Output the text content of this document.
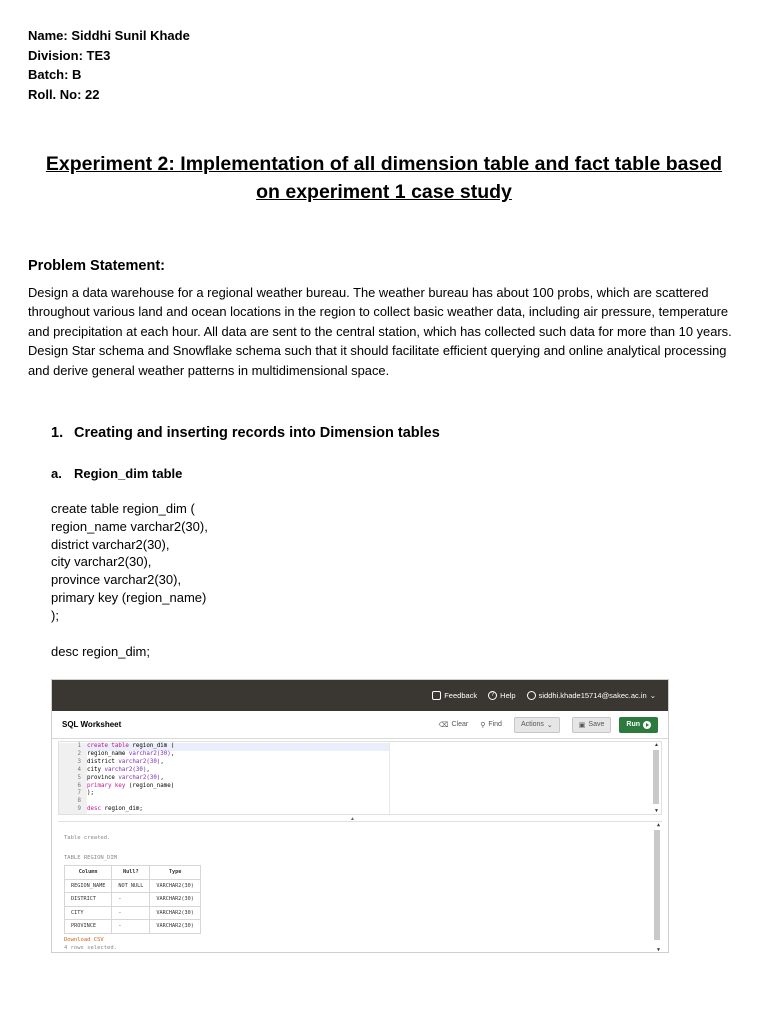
Name: Siddhi Sunil Khade
Division: TE3
Batch: B
Roll. No: 22
Experiment 2: Implementation of all dimension table and fact table based
on experiment 1 case study
Problem Statement:
Design a data warehouse for a regional weather bureau. The weather bureau has about 100 probs, which are scattered throughout various land and ocean locations in the region to collect basic weather data, including air pressure, temperature and precipitation at each hour. All data are sent to the central station, which has collected such data for more than 10 years. Design Star schema and Snowflake schema such that it should facilitate efficient querying and online analytical processing and derive general weather patterns in multidimensional space.
1. Creating and inserting records into Dimension tables
a. Region_dim table
create table region_dim (
region_name varchar2(30),
district varchar2(30),
city varchar2(30),
province varchar2(30),
primary key (region_name)
);
desc region_dim;
Feedback	? Help	siddhi.khade15714@sakec.ac.in ⌄
SQL Worksheet	⌫ Clear ⚲ Find	Actions ⌄	▣ Save	Run
1	create table region_dim (
2	region_name varchar2(30) ,
3	district varchar2(30) ,
4	city varchar2(30) ,
5	province varchar2(30) ,
6	primary key (region_name)
7	);
8
9	desc region_dim;
▲
▼
▲
Table created.
TABLE REGION_DIM
Column	Null?	Type
REGION_NAME	NOT NULL	VARCHAR2(30)
DISTRICT	-	VARCHAR2(30)
CITY	-	VARCHAR2(30)
PROVINCE	-	VARCHAR2(30)
Download CSV
4 rows selected.
▲
▼
